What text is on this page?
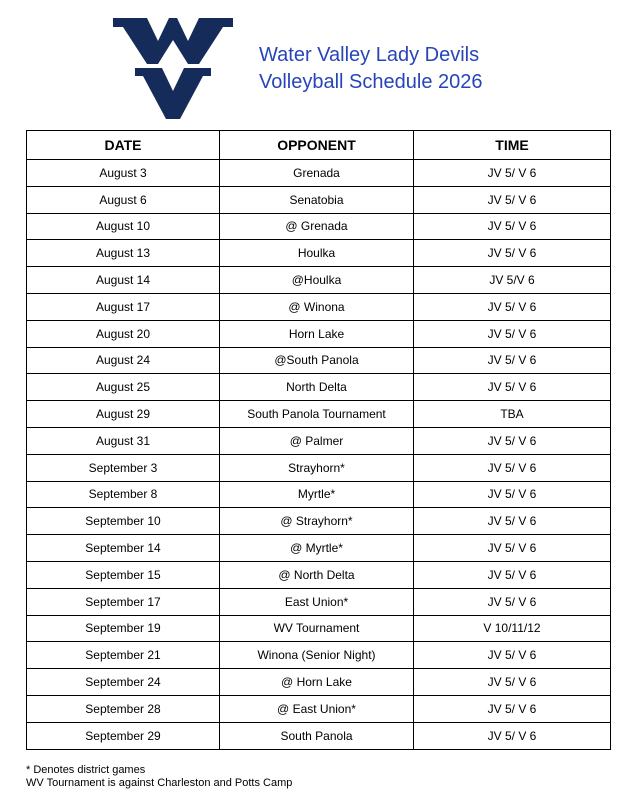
Water Valley Lady Devils
Volleyball Schedule 2026
DATE	OPPONENT	TIME
August 3	Grenada	JV 5/ V 6
August 6	Senatobia	JV 5/ V 6
August 10	@ Grenada	JV 5/ V 6
August 13	Houlka	JV 5/ V 6
August 14	@Houlka	JV 5/V 6
August 17	@ Winona	JV 5/ V 6
August 20	Horn Lake	JV 5/ V 6
August 24	@South Panola	JV 5/ V 6
August 25	North Delta	JV 5/ V 6
August 29	South Panola Tournament	TBA
August 31	@ Palmer	JV 5/ V 6
September 3	Strayhorn*	JV 5/ V 6
September 8	Myrtle*	JV 5/ V 6
September 10	@ Strayhorn*	JV 5/ V 6
September 14	@ Myrtle*	JV 5/ V 6
September 15	@ North Delta	JV 5/ V 6
September 17	East Union*	JV 5/ V 6
September 19	WV Tournament	V 10/11/12
September 21	Winona (Senior Night)	JV 5/ V 6
September 24	@ Horn Lake	JV 5/ V 6
September 28	@ East Union*	JV 5/ V 6
September 29	South Panola	JV 5/ V 6
* Denotes district games
WV Tournament is against Charleston and Potts Camp
